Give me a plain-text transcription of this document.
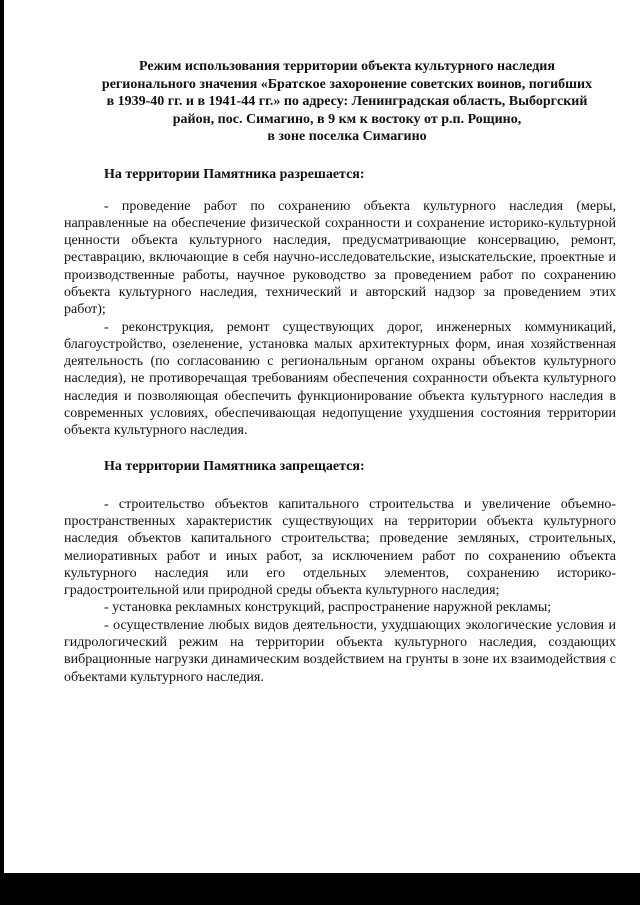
Режим использования территории объекта культурного наследия
регионального значения «Братское захоронение советских воинов, погибших
в 1939-40 гг. и в 1941-44 гг.» по адресу: Ленинградская область, Выборгский
район, пос. Симагино, в 9 км к востоку от р.п. Рощино,
в зоне поселка Симагино
На территории Памятника разрешается:

- проведение работ по сохранению объекта культурного наследия (меры, направленные на обеспечение физической сохранности и сохранение историко-культурной ценности объекта культурного наследия, предусматривающие консервацию, ремонт, реставрацию, включающие в себя научно-исследовательские, изыскательские, проектные и производственные работы, научное руководство за проведением работ по сохранению объекта культурного наследия, технический и авторский надзор за проведением этих работ);

- реконструкция, ремонт существующих дорог, инженерных коммуникаций, благоустройство, озеленение, установка малых архитектурных форм, иная хозяйственная деятельность (по согласованию с региональным органом охраны объектов культурного наследия), не противоречащая требованиям обеспечения сохранности объекта культурного наследия и позволяющая обеспечить функционирование объекта культурного наследия в современных условиях, обеспечивающая недопущение ухудшения состояния территории объекта культурного наследия.

На территории Памятника запрещается:

- строительство объектов капитального строительства и увеличение объемно-пространственных характеристик существующих на территории объекта культурного наследия объектов капитального строительства; проведение земляных, строительных, мелиоративных работ и иных работ, за исключением работ по сохранению объекта культурного наследия или его отдельных элементов, сохранению историко-градостроительной или природной среды объекта культурного наследия;

- установка рекламных конструкций, распространение наружной рекламы;

- осуществление любых видов деятельности, ухудшающих экологические условия и гидрологический режим на территории объекта культурного наследия, создающих вибрационные нагрузки динамическим воздействием на грунты в зоне их взаимодействия с объектами культурного наследия.
